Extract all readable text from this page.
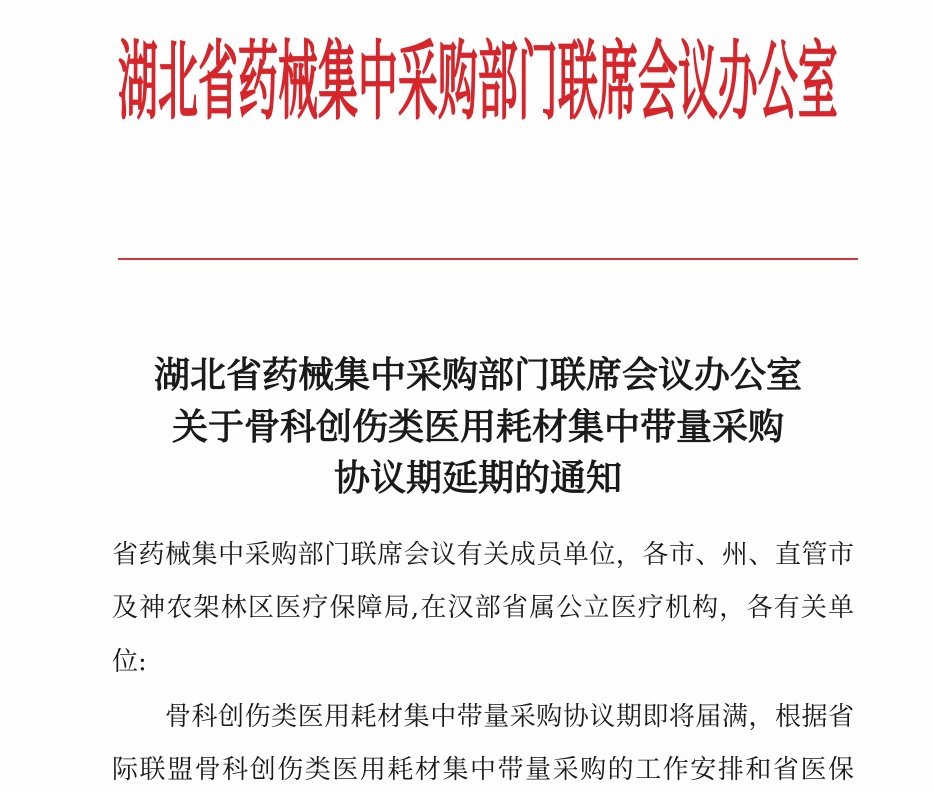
湖北省药械集中采购部门联席会议办公室
湖北省药械集中采购部门联席会议办公室
关于骨科创伤类医用耗材集中带量采购
协议期延期的通知
省药械集中采购部门联席会议有关成员单位，各市、州、直管市
及神农架林区医疗保障局,在汉部省属公立医疗机构，各有关单
位:
骨科创伤类医用耗材集中带量采购协议期即将届满，根据省
际联盟骨科创伤类医用耗材集中带量采购的工作安排和省医保
